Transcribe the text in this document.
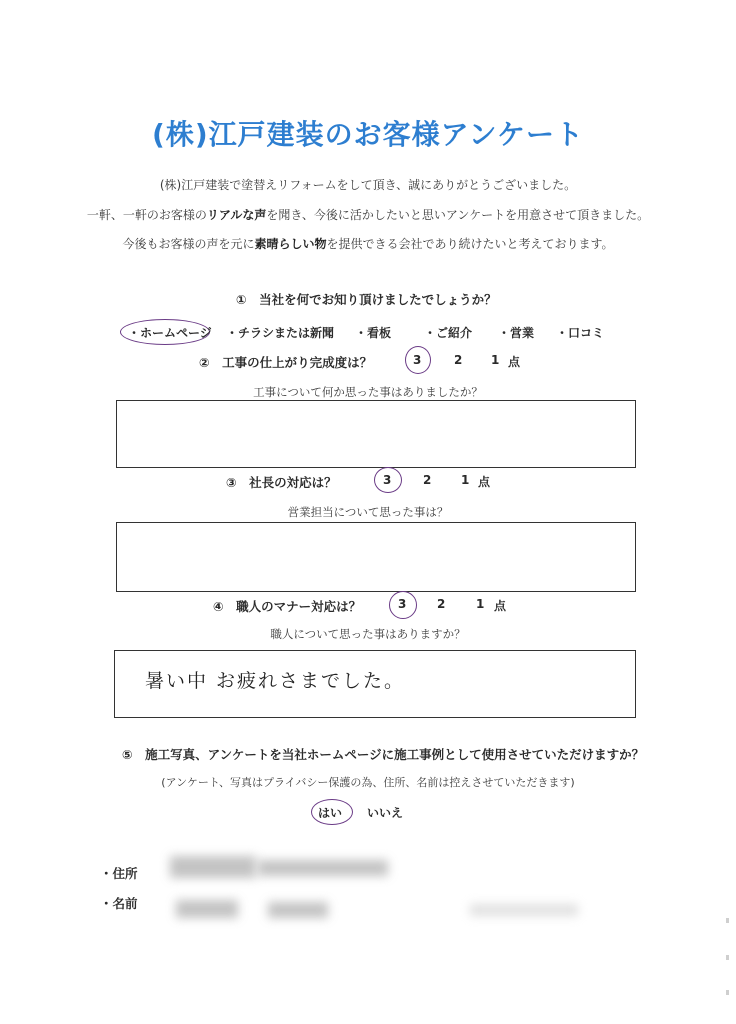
(株)江戸建装のお客様アンケート
(株)江戸建装で塗替えリフォームをして頂き、誠にありがとうございました。
一軒、一軒のお客様のリアルな声を聞き、今後に活かしたいと思いアンケートを用意させて頂きました。
今後もお客様の声を元に素晴らしい物を提供できる会社であり続けたいと考えております。
①　当社を何でお知り頂けましたでしょうか？
・ホームページ ・チラシまたは新聞 ・看板	・ご紹介 ・営業 ・口コミ
②　工事の仕上がり完成度は？	3	2 1 点
工事について何か思った事はありましたか？
③　社長の対応は？	3	2 1 点
営業担当について思った事は？
④　職人のマナー対応は？	3	2	1 点
職人について思った事はありますか？
暑い中 お疲れさまでした。
⑤　施工写真、アンケートを当社ホームページに施工事例として使用させていただけますか？
(アンケート、写真はプライバシー保護の為、住所、名前は控えさせていただきます)
はい いいえ
・住所
・名前
